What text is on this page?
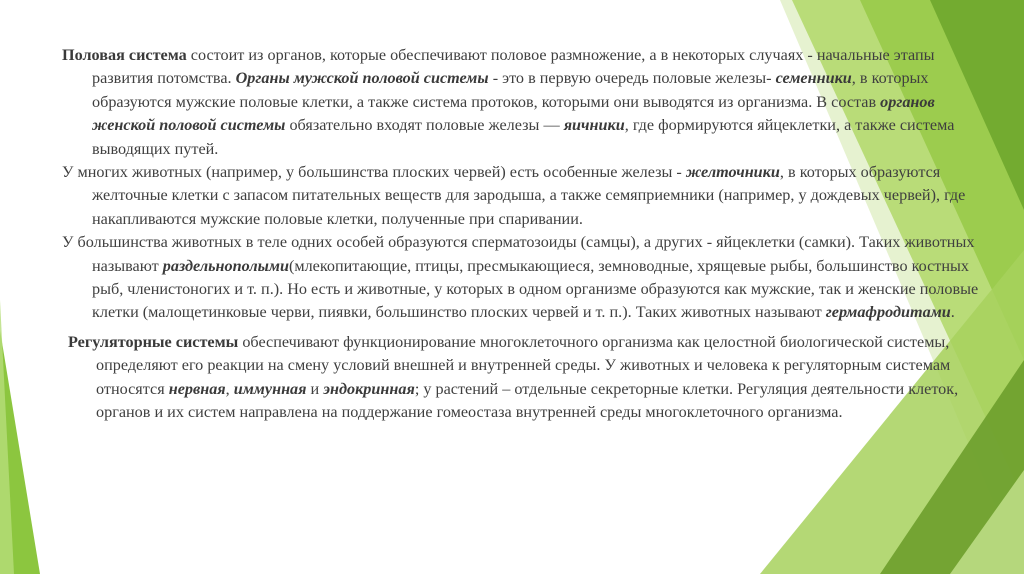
Половая система состоит из органов, которые обеспечивают половое размножение, а в некоторых случаях - начальные этапы развития потомства. Органы мужской половой системы - это в первую очередь половые железы- семенники, в которых образуются мужские половые клетки, а также система протоков, которыми они выводятся из организма. В состав органов женской половой системы обязательно входят половые железы — яичники, где формируются яйцеклетки, а также система выводящих путей.

У многих животных (например, у большинства плоских червей) есть особенные железы - желточники, в которых образуются желточные клетки с запасом питательных веществ для зародыша, а также семяприемники (например, у дождевых червей), где накапливаются мужские половые клетки, полученные при спаривании.

У большинства животных в теле одних особей образуются сперматозоиды (самцы), а других - яйцеклетки (самки). Таких животных называют раздельнополыми(млекопитающие, птицы, пресмыкающиеся, земноводные, хрящевые рыбы, большинство костных рыб, членистоногих и т. п.). Но есть и животные, у которых в одном организме образуются как мужские, так и женские половые клетки (малощетинковые черви, пиявки, большинство плоских червей и т. п.). Таких животных называют гермафродитами.

Регуляторные системы обеспечивают функционирование многоклеточного организма как целостной биологической системы, определяют его реакции на смену условий внешней и внутренней среды. У животных и человека к регуляторным системам относятся нервная, иммунная и эндокринная; у растений – отдельные секреторные клетки. Регуляция деятельности клеток, органов и их систем направлена на поддержание гомеостаза внутренней среды многоклеточного организма.
